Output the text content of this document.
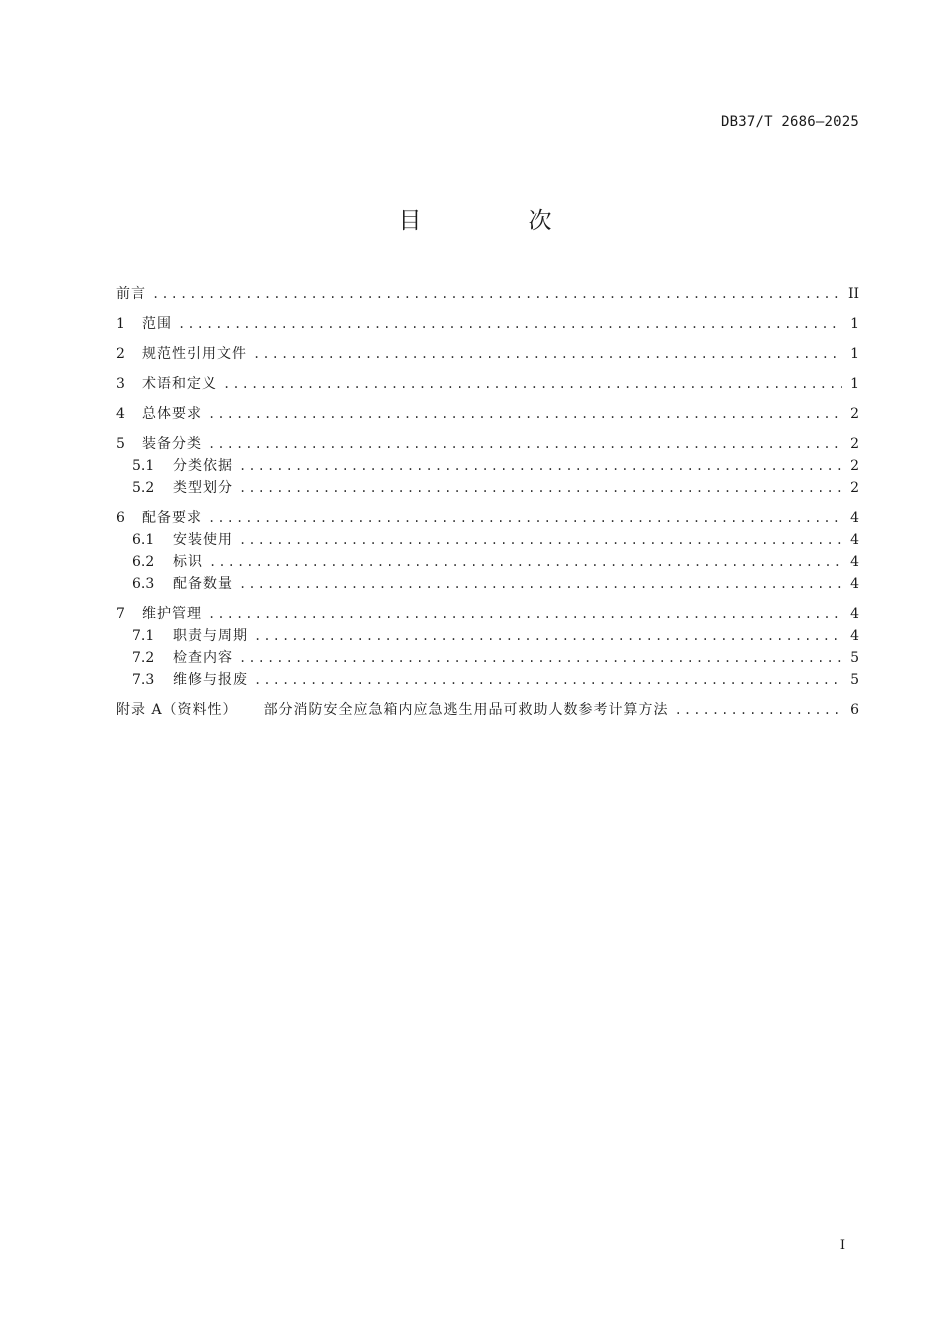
DB37/T 2686—2025
目　次
前言 .....	II
1	范围 .....	1
2	规范性引用文件 .....	1
3	术语和定义 .....	1
4	总体要求 .....	2
5	装备分类 .....	2
5.1	分类依据 .....	2
5.2	类型划分 .....	2
6	配备要求 .....	4
6.1	安装使用 .....	4
6.2	标识 .....	4
6.3	配备数量 .....	4
7	维护管理 .....	4
7.1	职责与周期 .....	4
7.2	检查内容 .....	5
7.3	维修与报废 .....	5
附录 A（资料性） 部分消防安全应急箱内应急逃生用品可救助人数参考计算方法 .....	6
I
